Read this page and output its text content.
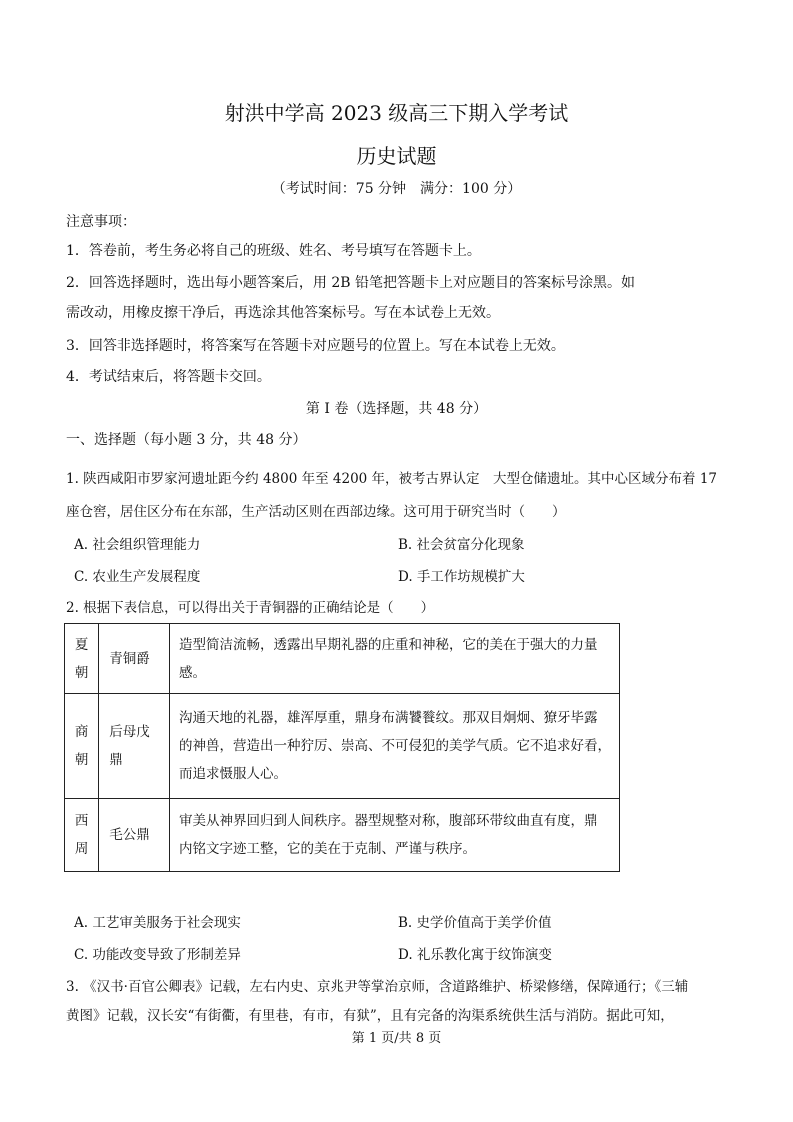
射洪中学高 2023 级高三下期入学考试
历史试题
（考试时间：75 分钟　满分：100 分）
注意事项：
1．答卷前，考生务必将自己的班级、姓名、考号填写在答题卡上。
2．回答选择题时，选出每小题答案后，用 2B 铅笔把答题卡上对应题目的答案标号涂黑。如
需改动，用橡皮擦干净后，再选涂其他答案标号。写在本试卷上无效。
3．回答非选择题时，将答案写在答题卡对应题号的位置上。写在本试卷上无效。
4．考试结束后，将答题卡交回。
第 I 卷（选择题，共 48 分）
一、选择题（每小题 3 分，共 48 分）
1. 陕西咸阳市罗家河遗址距今约 4800 年至 4200 年，被考古界认定　大型仓储遗址。其中心区域分布着 17
座仓窖，居住区分布在东部，生产活动区则在西部边缘。这可用于研究当时（　　）
A. 社会组织管理能力	B. 社会贫富分化现象
C. 农业生产发展程度	D. 手工作坊规模扩大
2. 根据下表信息，可以得出关于青铜器的正确结论是（　　）
夏
朝	青铜爵	造型简洁流畅，透露出早期礼器的庄重和神秘，它的美在于强大的力量
感。

商
朝	后母戊
鼎	沟通天地的礼器，雄浑厚重，鼎身布满饕餮纹。那双目炯炯、獠牙毕露
的神兽，营造出一种狞厉、崇高、不可侵犯的美学气质。它不追求好看，
而追求慑服人心。

西
周	毛公鼎	审美从神界回归到人间秩序。器型规整对称，腹部环带纹曲直有度，鼎
内铭文字迹工整，它的美在于克制、严谨与秩序。
A. 工艺审美服务于社会现实	B. 史学价值高于美学价值
C. 功能改变导致了形制差异	D. 礼乐教化寓于纹饰演变
3. 《汉书·百官公卿表》记载，左右内史、京兆尹等掌治京师，含道路维护、桥梁修缮，保障通行；《三辅
黄图》记载，汉长安“有街衢，有里巷，有市，有狱”，且有完备的沟渠系统供生活与消防。据此可知，
第 1 页/共 8 页
